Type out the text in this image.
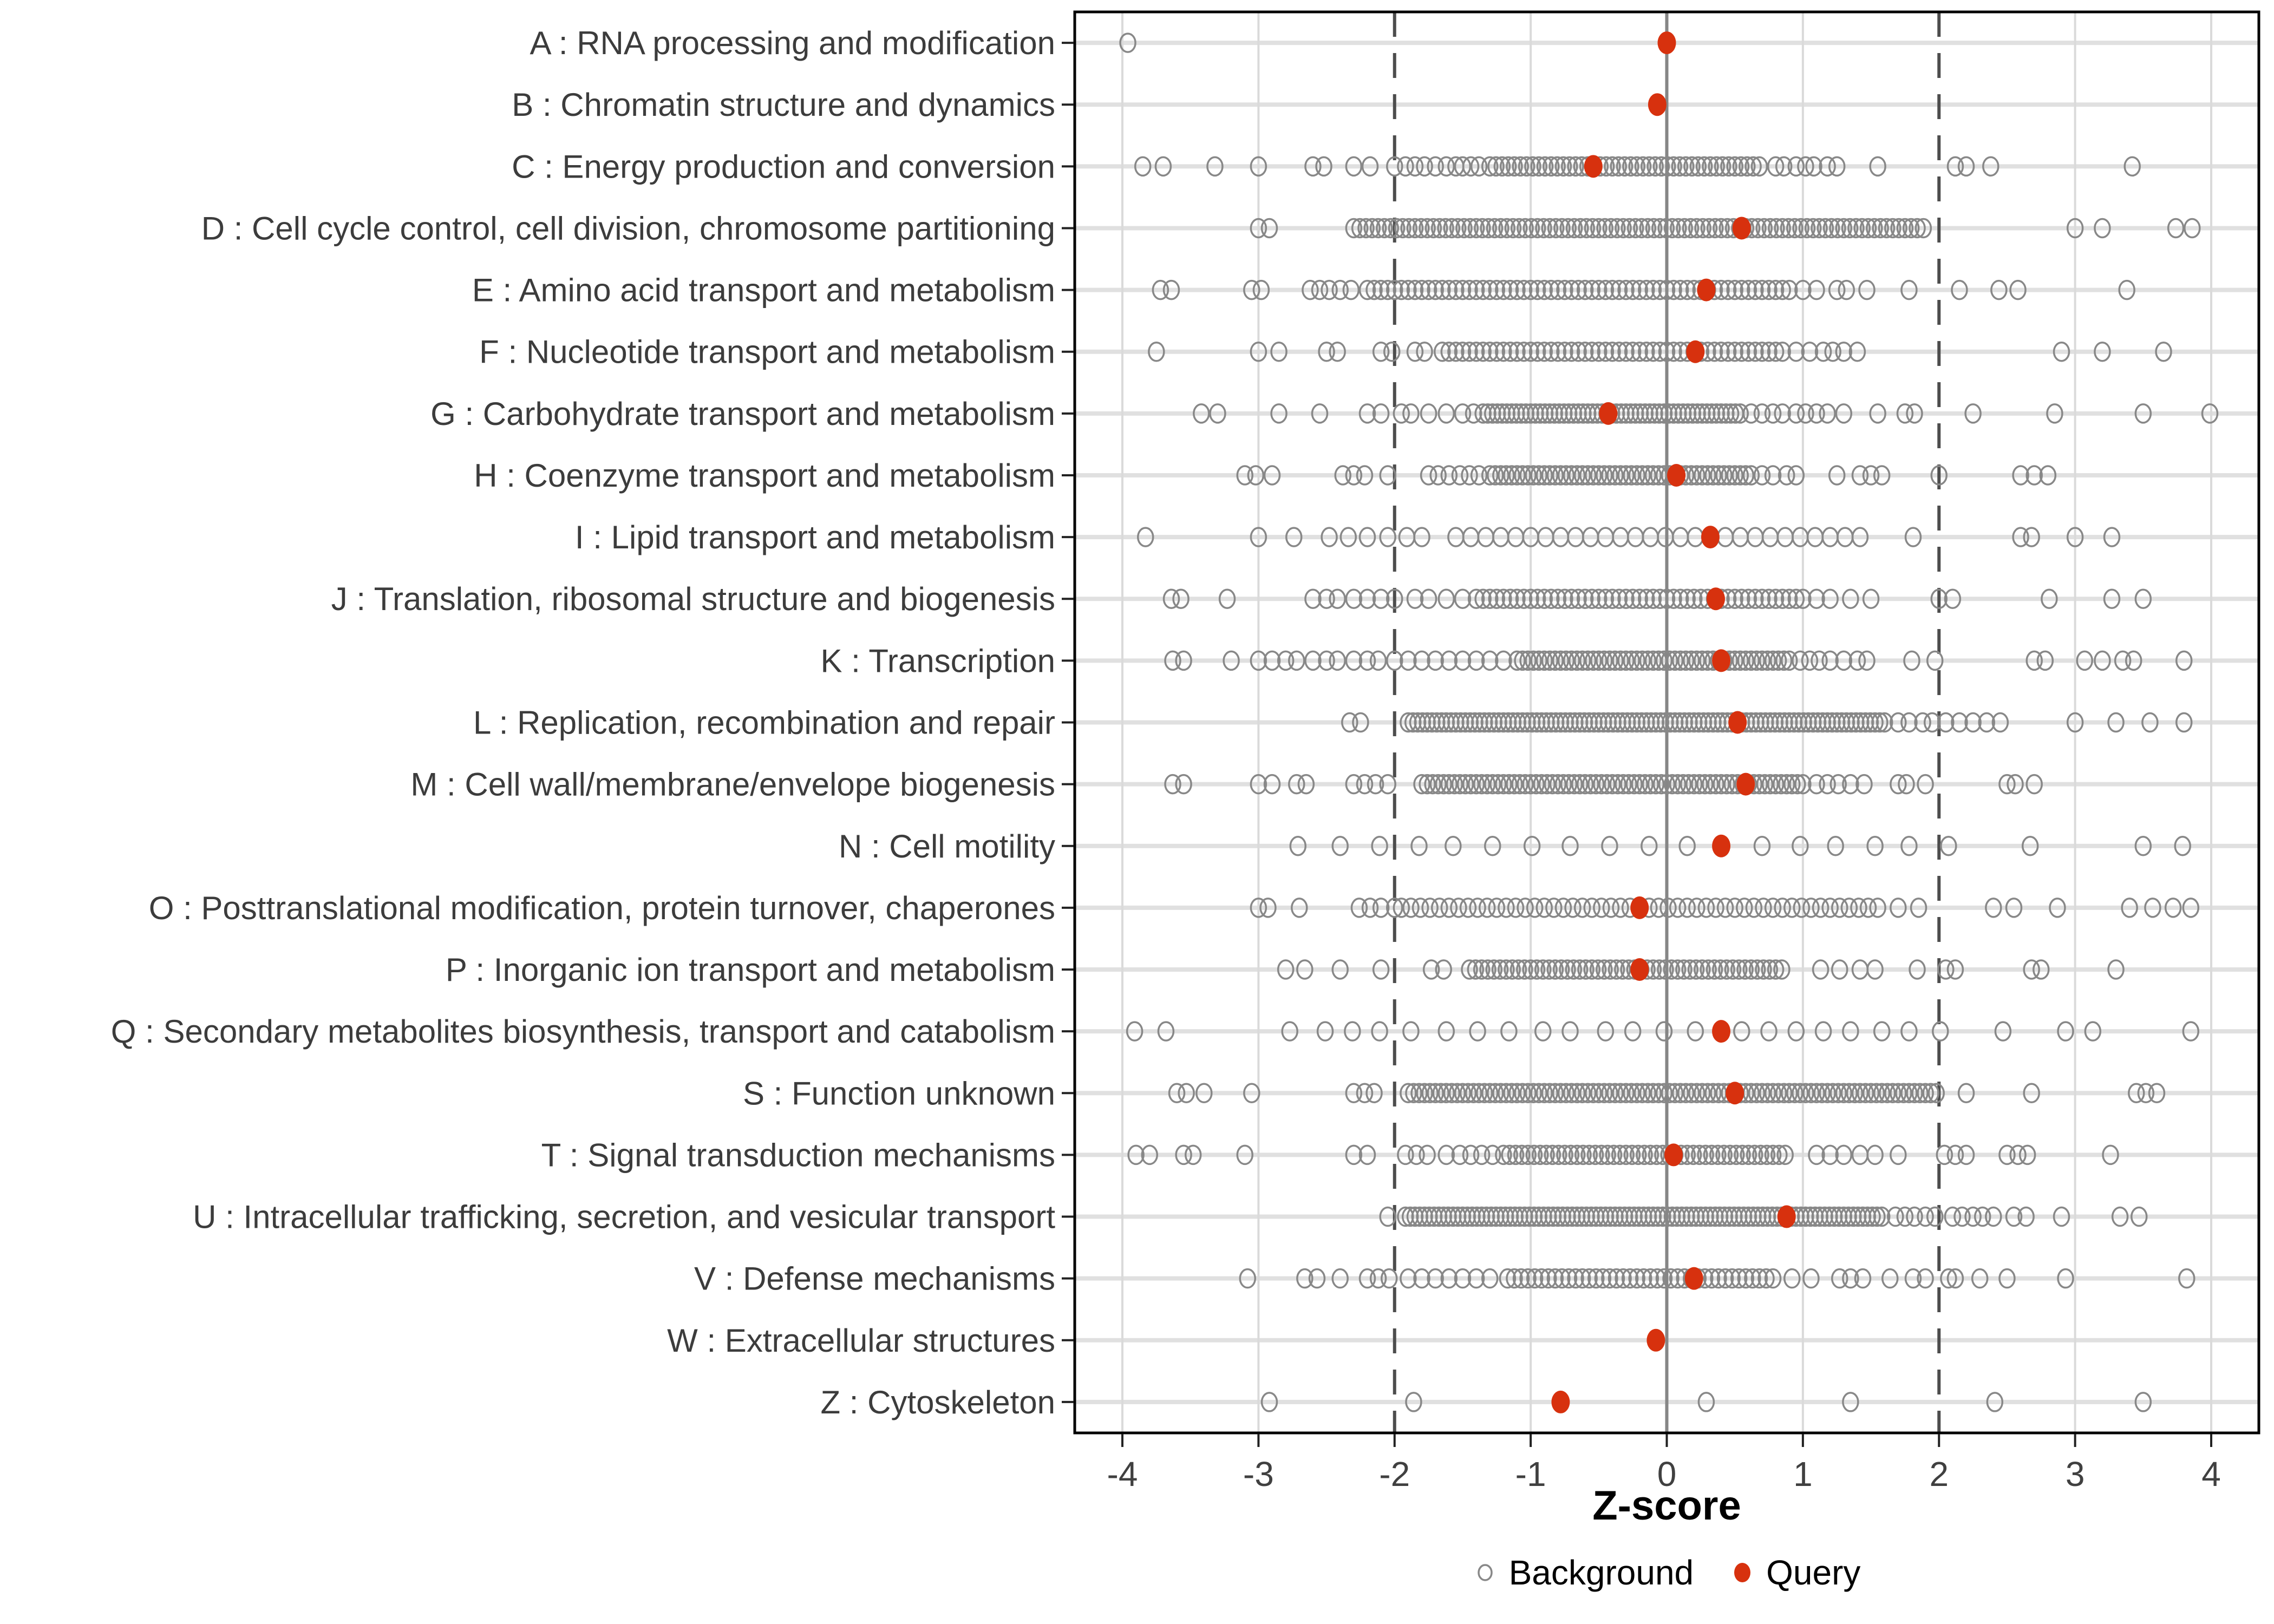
-4	-3	-2	-1	0	1	2	3	4
A : RNA processing and modification
B : Chromatin structure and dynamics
C : Energy production and conversion
D : Cell cycle control, cell division, chromosome partitioning
E : Amino acid transport and metabolism
F : Nucleotide transport and metabolism
G : Carbohydrate transport and metabolism
H : Coenzyme transport and metabolism
I : Lipid transport and metabolism
J : Translation, ribosomal structure and biogenesis
K : Transcription
L : Replication, recombination and repair
M : Cell wall/membrane/envelope biogenesis
N : Cell motility
O : Posttranslational modification, protein turnover, chaperones
P : Inorganic ion transport and metabolism
Q : Secondary metabolites biosynthesis, transport and catabolism
S : Function unknown
T : Signal transduction mechanisms
U : Intracellular trafficking, secretion, and vesicular transport
V : Defense mechanisms
W : Extracellular structures
Z : Cytoskeleton
Z-score
Background Query
